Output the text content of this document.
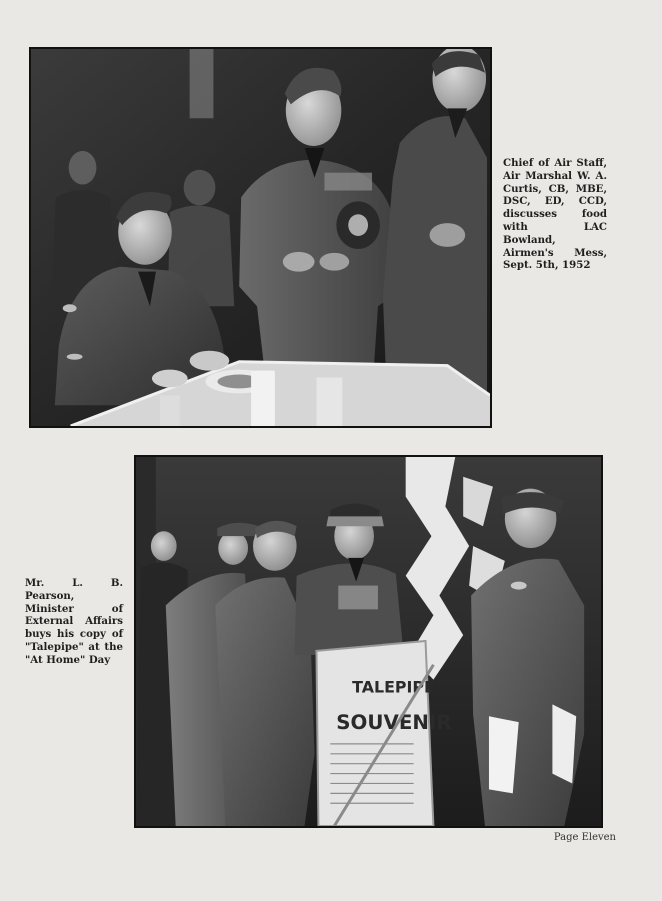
Chief of Air Staff, Air Marshal W. A. Curtis, CB, MBE, DSC, ED, CCD, discusses food with LAC Bowland, Airmen's Mess, Sept. 5th, 1952
TALEPIPE
SOUVENIR
Mr. L. B. Pearson, Minister of External Affairs buys his copy of "Talepipe" at the "At Home" Day
Page Eleven
